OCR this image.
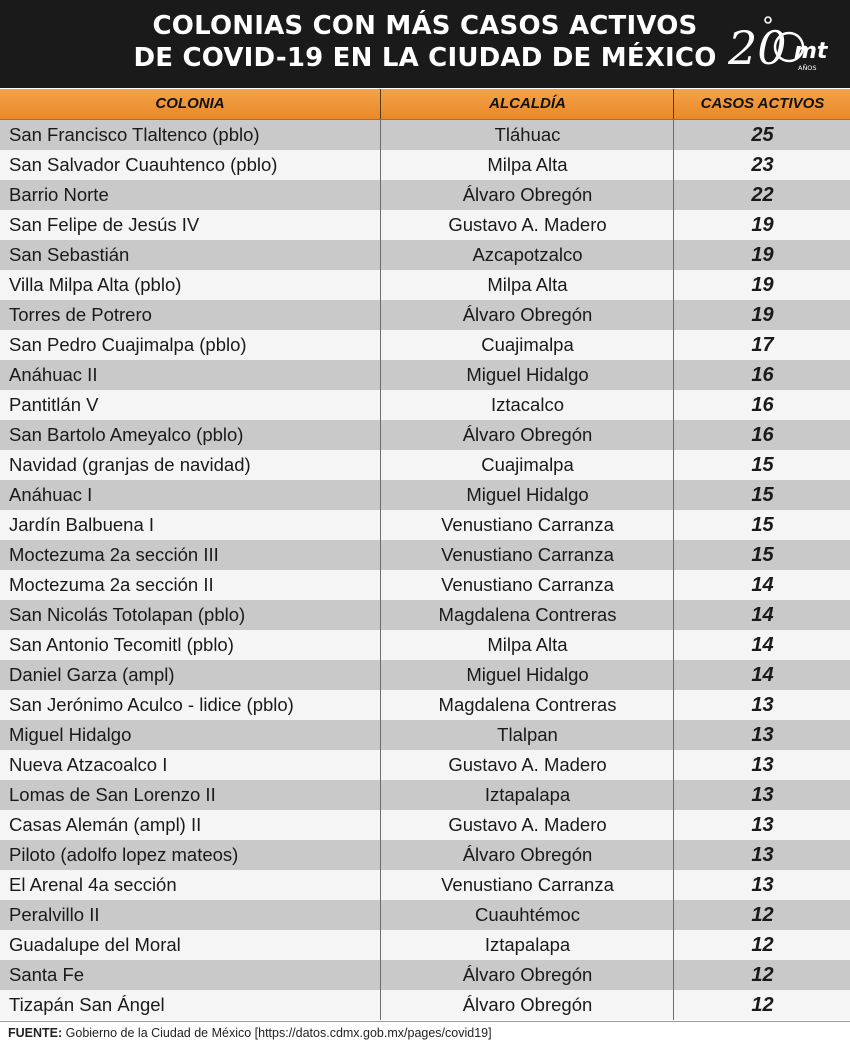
COLONIAS CON MÁS CASOS ACTIVOS
DE COVID-19 EN LA CIUDAD DE MÉXICO 20 mt
AÑOS
COLONIA	ALCALDÍA	CASOS ACTIVOS
San Francisco Tlaltenco (pblo)	Tláhuac	25
San Salvador Cuauhtenco (pblo)	Milpa Alta	23
Barrio Norte	Álvaro Obregón	22
San Felipe de Jesús IV	Gustavo A. Madero	19
San Sebastián	Azcapotzalco	19
Villa Milpa Alta (pblo)	Milpa Alta	19
Torres de Potrero	Álvaro Obregón	19
San Pedro Cuajimalpa (pblo)	Cuajimalpa	17
Anáhuac II	Miguel Hidalgo	16
Pantitlán V	Iztacalco	16
San Bartolo Ameyalco (pblo)	Álvaro Obregón	16
Navidad (granjas de navidad)	Cuajimalpa	15
Anáhuac I	Miguel Hidalgo	15
Jardín Balbuena I	Venustiano Carranza	15
Moctezuma 2a sección III	Venustiano Carranza	15
Moctezuma 2a sección II	Venustiano Carranza	14
San Nicolás Totolapan (pblo)	Magdalena Contreras	14
San Antonio Tecomitl (pblo)	Milpa Alta	14
Daniel Garza (ampl)	Miguel Hidalgo	14
San Jerónimo Aculco - lidice (pblo)	Magdalena Contreras	13
Miguel Hidalgo	Tlalpan	13
Nueva Atzacoalco I	Gustavo A. Madero	13
Lomas de San Lorenzo II	Iztapalapa	13
Casas Alemán (ampl) II	Gustavo A. Madero	13
Piloto (adolfo lopez mateos)	Álvaro Obregón	13
El Arenal 4a sección	Venustiano Carranza	13
Peralvillo II	Cuauhtémoc	12
Guadalupe del Moral	Iztapalapa	12
Santa Fe	Álvaro Obregón	12
Tizapán San Ángel	Álvaro Obregón	12
FUENTE: Gobierno de la Ciudad de México [https://datos.cdmx.gob.mx/pages/covid19]
